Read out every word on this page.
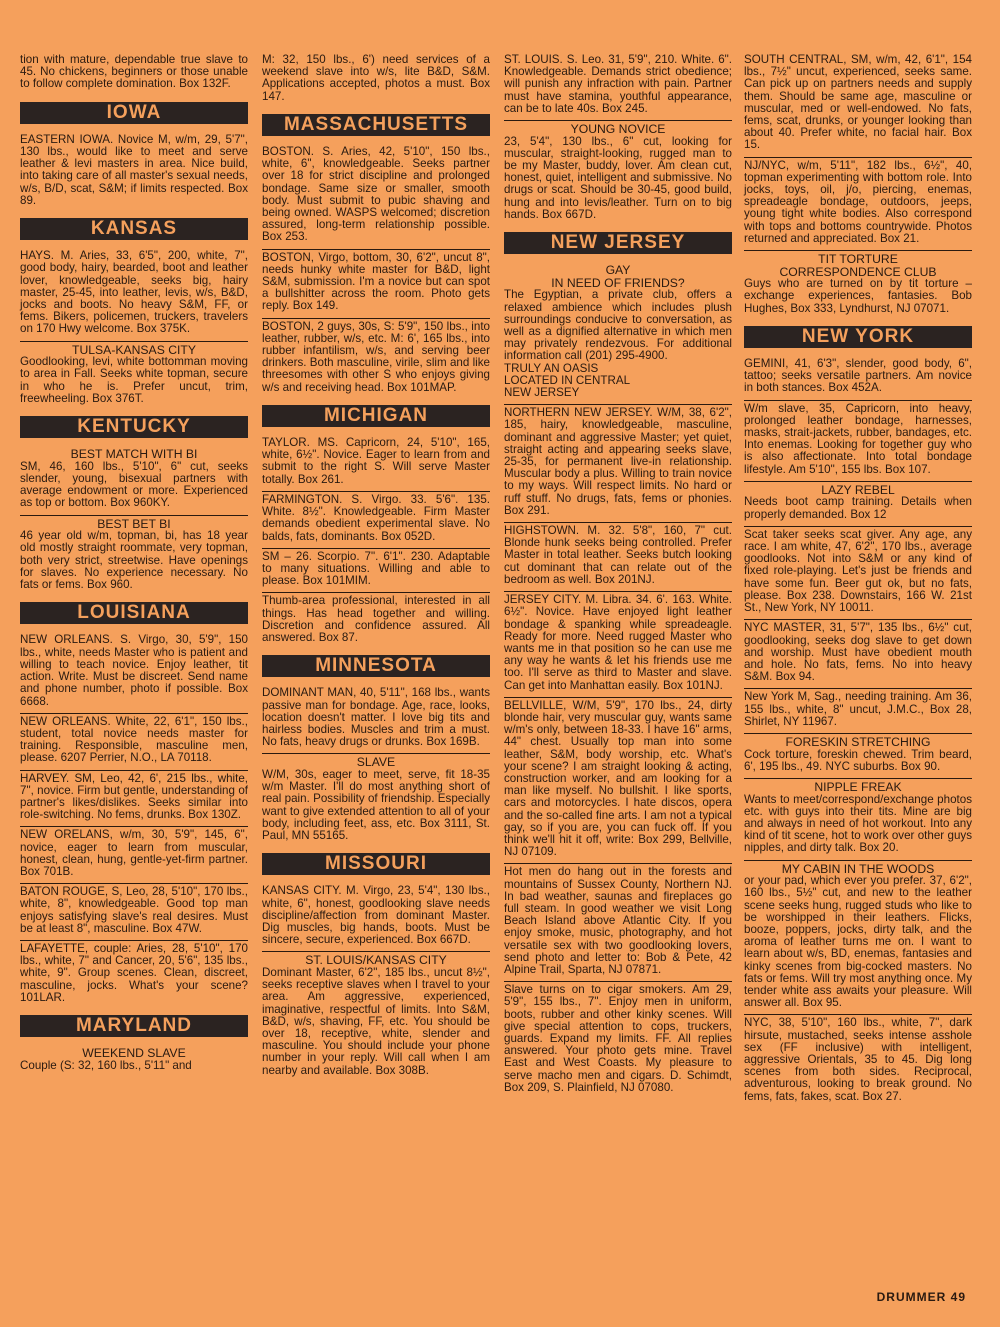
tion with mature, dependable true slave to 45. No chickens, beginners or those unable to follow complete domination. Box 132F.
IOWA
EASTERN IOWA. Novice M, w/m, 29, 5'7", 130 lbs., would like to meet and serve leather & levi masters in area. Nice build, into taking care of all master's sexual needs, w/s, B/D, scat, S&M; if limits respected. Box 89.
KANSAS
HAYS. M. Aries, 33, 6'5", 200, white, 7", good body, hairy, bearded, boot and leather lover, knowledgeable, seeks big, hairy master, 25-45, into leather, levis, w/s, B&D, jocks and boots. No heavy S&M, FF, or fems. Bikers, policemen, truckers, travelers on 170 Hwy welcome. Box 375K.
TULSA-KANSAS CITY
Goodlooking, levi, white bottomman moving to area in Fall. Seeks white topman, secure in who he is. Prefer uncut, trim, freewheeling. Box 376T.
KENTUCKY
BEST MATCH WITH BI
SM, 46, 160 lbs., 5'10", 6" cut, seeks slender, young, bisexual partners with average endowment or more. Experienced as top or bottom. Box 960KY.
BEST BET BI
46 year old w/m, topman, bi, has 18 year old mostly straight roommate, very topman, both very strict, streetwise. Have openings for slaves. No experience necessary. No fats or fems. Box 960.
LOUISIANA
NEW ORLEANS. S. Virgo, 30, 5'9", 150 lbs., white, needs Master who is patient and willing to teach novice. Enjoy leather, tit action. Write. Must be discreet. Send name and phone number, photo if possible. Box 6668.
NEW ORLEANS. White, 22, 6'1", 150 lbs., student, total novice needs master for training. Responsible, masculine men, please. 6207 Perrier, N.O., LA 70118.
HARVEY. SM, Leo, 42, 6', 215 lbs., white, 7", novice. Firm but gentle, understanding of partner's likes/dislikes. Seeks similar into role-switching. No fems, drunks. Box 130Z.
NEW ORELANS, w/m, 30, 5'9", 145, 6", novice, eager to learn from muscular, honest, clean, hung, gentle-yet-firm partner. Box 701B.
BATON ROUGE, S, Leo, 28, 5'10", 170 lbs., white, 8", knowledgeable. Good top man enjoys satisfying slave's real desires. Must be at least 8", masculine. Box 47W.
LAFAYETTE, couple: Aries, 28, 5'10", 170 lbs., white, 7" and Cancer, 20, 5'6", 135 lbs., white, 9". Group scenes. Clean, discreet, masculine, jocks. What's your scene? 101LAR.
MARYLAND
WEEKEND SLAVE
Couple (S: 32, 160 lbs., 5'11" and
M: 32, 150 lbs., 6') need services of a weekend slave into w/s, lite B&D, S&M. Applications accepted, photos a must. Box 147.
MASSACHUSETTS
BOSTON. S. Aries, 42, 5'10", 150 lbs., white, 6", knowledgeable. Seeks partner over 18 for strict discipline and prolonged bondage. Same size or smaller, smooth body. Must submit to pubic shaving and being owned. WASPS welcomed; discretion assured, long-term relationship possible. Box 253.
BOSTON, Virgo, bottom, 30, 6'2", uncut 8", needs hunky white master for B&D, light S&M, submission. I'm a novice but can spot a bullshitter across the room. Photo gets reply. Box 149.
BOSTON, 2 guys, 30s, S: 5'9", 150 lbs., into leather, rubber, w/s, etc. M: 6', 165 lbs., into rubber infantilism, w/s, and serving beer drinkers. Both masculine, virile, slim and like threesomes with other S who enjoys giving w/s and receiving head. Box 101MAP.
MICHIGAN
TAYLOR. MS. Capricorn, 24, 5'10", 165, white, 6½". Novice. Eager to learn from and submit to the right S. Will serve Master totally. Box 261.
FARMINGTON. S. Virgo. 33. 5'6". 135. White. 8½". Knowledgeable. Firm Master demands obedient experimental slave. No balds, fats, dominants. Box 052D.
SM – 26. Scorpio. 7". 6'1". 230. Adaptable to many situations. Willing and able to please. Box 101MIM.
Thumb-area professional, interested in all things. Has head together and willing. Discretion and confidence assured. All answered. Box 87.
MINNESOTA
DOMINANT MAN, 40, 5'11", 168 lbs., wants passive man for bondage. Age, race, looks, location doesn't matter. I love big tits and hairless bodies. Muscles and trim a must. No fats, heavy drugs or drunks. Box 169B.
SLAVE
W/M, 30s, eager to meet, serve, fit 18-35 w/m Master. I'll do most anything short of real pain. Possibility of friendship. Especially want to give extended attention to all of your body, including feet, ass, etc. Box 3111, St. Paul, MN 55165.
MISSOURI
KANSAS CITY. M. Virgo, 23, 5'4", 130 lbs., white, 6", honest, goodlooking slave needs discipline/affection from dominant Master. Dig muscles, big hands, boots. Must be sincere, secure, experienced. Box 667D.
ST. LOUIS/KANSAS CITY
Dominant Master, 6'2", 185 lbs., uncut 8½", seeks receptive slaves when I travel to your area. Am aggressive, experienced, imaginative, respectful of limits. Into S&M, B&D, w/s, shaving, FF, etc. You should be over 18, receptive, white, slender and masculine. You should include your phone number in your reply. Will call when I am nearby and available. Box 308B.
ST. LOUIS. S. Leo. 31, 5'9", 210. White. 6". Knowledgeable. Demands strict obedience; will punish any infraction with pain. Partner must have stamina, youthful appearance, can be to late 40s. Box 245.
YOUNG NOVICE
23, 5'4", 130 lbs., 6" cut, looking for muscular, straight-looking, rugged man to be my Master, buddy, lover. Am clean cut, honest, quiet, intelligent and submissive. No drugs or scat. Should be 30-45, good build, hung and into levis/leather. Turn on to big hands. Box 667D.
NEW JERSEY
GAY
IN NEED OF FRIENDS?
The Egyptian, a private club, offers a relaxed ambience which includes plush surroundings conducive to conversation, as well as a dignified alternative in which men may privately rendezvous. For additional information call (201) 295-4900.
TRULY AN OASIS
LOCATED IN CENTRAL
NEW JERSEY
NORTHERN NEW JERSEY. W/M, 38, 6'2", 185, hairy, knowledgeable, masculine, dominant and aggressive Master; yet quiet, straight acting and appearing seeks slave, 25-35, for permanent live-in relationship. Muscular body a plus. Willing to train novice to my ways. Will respect limits. No hard or ruff stuff. No drugs, fats, fems or phonies. Box 291.
HIGHSTOWN. M. 32. 5'8", 160, 7" cut. Blonde hunk seeks being controlled. Prefer Master in total leather. Seeks butch looking cut dominant that can relate out of the bedroom as well. Box 201NJ.
JERSEY CITY. M. Libra. 34. 6'. 163. White. 6½". Novice. Have enjoyed light leather bondage & spanking while spreadeagle. Ready for more. Need rugged Master who wants me in that position so he can use me any way he wants & let his friends use me too. I'll serve as third to Master and slave. Can get into Manhattan easily. Box 101NJ.
BELLVILLE, W/M, 5'9", 170 lbs., 24, dirty blonde hair, very muscular guy, wants same w/m's only, between 18-33. I have 16" arms, 44" chest. Usually top man into some leather, S&M, body worship, etc. What's your scene? I am straight looking & acting, construction worker, and am looking for a man like myself. No bullshit. I like sports, cars and motorcycles. I hate discos, opera and the so-called fine arts. I am not a typical gay, so if you are, you can fuck off. If you think we'll hit it off, write: Box 299, Bellville, NJ 07109.
Hot men do hang out in the forests and mountains of Sussex County, Northern NJ. In bad weather, saunas and fireplaces go full steam. In good weather we visit Long Beach Island above Atlantic City. If you enjoy smoke, music, photography, and hot versatile sex with two goodlooking lovers, send photo and letter to: Bob & Pete, 42 Alpine Trail, Sparta, NJ 07871.
Slave turns on to cigar smokers. Am 29, 5'9", 155 lbs., 7". Enjoy men in uniform, boots, rubber and other kinky scenes. Will give special attention to cops, truckers, guards. Expand my limits. FF. All replies answered. Your photo gets mine. Travel East and West Coasts. My pleasure to serve macho men and cigars. D. Schimdt, Box 209, S. Plainfield, NJ 07080.
SOUTH CENTRAL, SM, w/m, 42, 6'1", 154 lbs., 7½" uncut, experienced, seeks same. Can pick up on partners needs and supply them. Should be same age, masculine or muscular, med or well-endowed. No fats, fems, scat, drunks, or younger looking than about 40. Prefer white, no facial hair. Box 15.
NJ/NYC, w/m, 5'11", 182 lbs., 6½", 40, topman experimenting with bottom role. Into jocks, toys, oil, j/o, piercing, enemas, spreadeagle bondage, outdoors, jeeps, young tight white bodies. Also correspond with tops and bottoms countrywide. Photos returned and appreciated. Box 21.
TIT TORTURE
CORRESPONDENCE CLUB
Guys who are turned on by tit torture – exchange experiences, fantasies. Bob Hughes, Box 333, Lyndhurst, NJ 07071.
NEW YORK
GEMINI, 41, 6'3", slender, good body, 6", tattoo; seeks versatile partners. Am novice in both stances. Box 452A.
W/m slave, 35, Capricorn, into heavy, prolonged leather bondage, harnesses, masks, strait-jackets, rubber, bandages, etc. Into enemas. Looking for together guy who is also affectionate. Into total bondage lifestyle. Am 5'10", 155 lbs. Box 107.
LAZY REBEL
Needs boot camp training. Details when properly demanded. Box 12
Scat taker seeks scat giver. Any age, any race. I am white, 47, 6'2", 170 lbs., average goodlooks. Not into S&M or any kind of fixed role-playing. Let's just be friends and have some fun. Beer gut ok, but no fats, please. Box 238. Downstairs, 166 W. 21st St., New York, NY 10011.
NYC MASTER, 31, 5'7", 135 lbs., 6½" cut, goodlooking, seeks dog slave to get down and worship. Must have obedient mouth and hole. No fats, fems. No into heavy S&M. Box 94.
New York M, Sag., needing training. Am 36, 155 lbs., white, 8" uncut, J.M.C., Box 28, Shirlet, NY 11967.
FORESKIN STRETCHING
Cock torture, foreskin chewed. Trim beard, 6', 195 lbs., 49. NYC suburbs. Box 90.
NIPPLE FREAK
Wants to meet/correspond/exchange photos etc. with guys into their tits. Mine are big and always in need of hot workout. Into any kind of tit scene, hot to work over other guys nipples, and dirty talk. Box 20.
MY CABIN IN THE WOODS
or your pad, which ever you prefer. 37, 6'2", 160 lbs., 5½" cut, and new to the leather scene seeks hung, rugged studs who like to be worshipped in their leathers. Flicks, booze, poppers, jocks, dirty talk, and the aroma of leather turns me on. I want to learn about w/s, BD, enemas, fantasies and kinky scenes from big-cocked masters. No fats or fems. Will try most anything once. My tender white ass awaits your pleasure. Will answer all. Box 95.
NYC, 38, 5'10", 160 lbs., white, 7", dark hirsute, mustached, seeks intense asshole sex (FF inclusive) with intelligent, aggressive Orientals, 35 to 45. Dig long scenes from both sides. Reciprocal, adventurous, looking to break ground. No fems, fats, fakes, scat. Box 27.
DRUMMER 49
